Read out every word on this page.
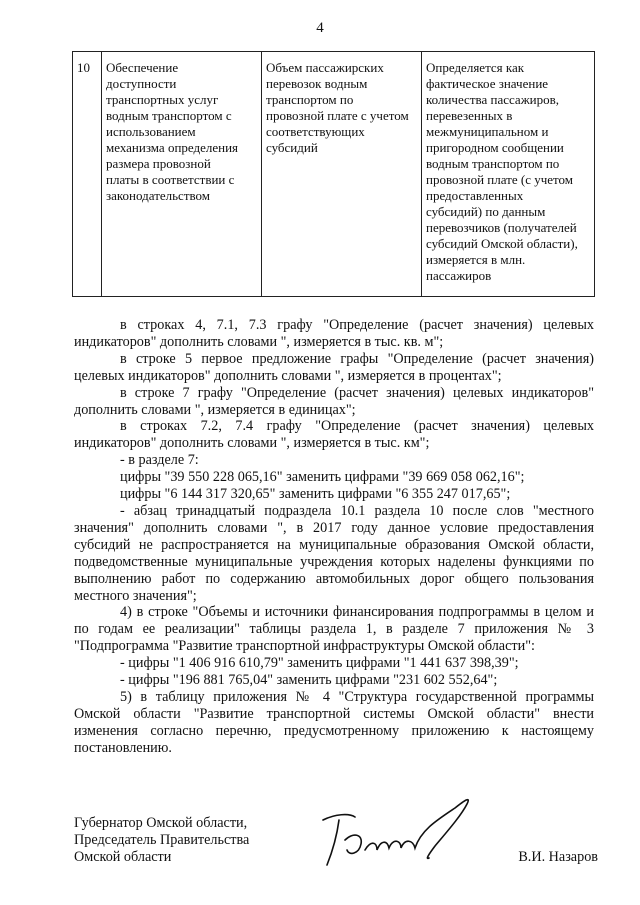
4
10	Обеспечение
доступности
транспортных услуг
водным транспортом с
использованием
механизма определения
размера провозной
платы в соответствии с
законодательством
Объем пассажирских
перевозок водным
транспортом по
провозной плате с учетом
соответствующих
субсидий
Определяется как
фактическое значение
количества пассажиров,
перевезенных в
межмуниципальном и
пригородном сообщении
водным транспортом по
провозной плате (с учетом
предоставленных
субсидий) по данным
перевозчиков (получателей
субсидий Омской области),
измеряется в млн.
пассажиров

в строках 4, 7.1, 7.3 графу "Определение (расчет значения) целевых индикаторов" дополнить словами ", измеряется в тыс. кв. м";

в строке 5 первое предложение графы "Определение (расчет значения) целевых индикаторов" дополнить словами ", измеряется в процентах";

в строке 7 графу "Определение (расчет значения) целевых индикаторов" дополнить словами ", измеряется в единицах";

в строках 7.2, 7.4 графу "Определение (расчет значения) целевых индикаторов" дополнить словами ", измеряется в тыс. км";

- в разделе 7:

цифры "39 550 228 065,16" заменить цифрами "39 669 058 062,16";

цифры "6 144 317 320,65" заменить цифрами "6 355 247 017,65";

- абзац тринадцатый подраздела 10.1 раздела 10 после слов "местного значения" дополнить словами ", в 2017 году данное условие предоставления субсидий не распространяется на муниципальные образования Омской области, подведомственные муниципальные учреждения которых наделены функциями по выполнению работ по содержанию автомобильных дорог общего пользования местного значения";

4) в строке "Объемы и источники финансирования подпрограммы в целом и по годам ее реализации" таблицы раздела 1, в разделе 7 приложения № 3 "Подпрограмма "Развитие транспортной инфраструктуры Омской области":

- цифры "1 406 916 610,79" заменить цифрами "1 441 637 398,39";

- цифры "196 881 765,04" заменить цифрами "231 602 552,64";

5) в таблицу приложения № 4 "Структура государственной программы Омской области "Развитие транспортной системы Омской области" внести изменения согласно перечню, предусмотренному приложению к настоящему постановлению.

Губернатор Омской области,
Председатель Правительства
Омской области	В.И. Назаров
